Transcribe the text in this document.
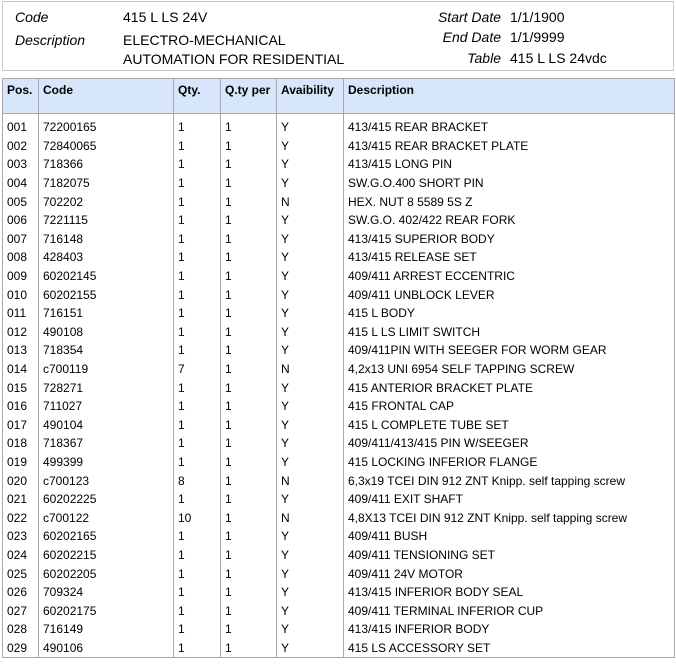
Code	415 L LS 24V
Description	ELECTRO-MECHANICAL
AUTOMATION FOR RESIDENTIAL
Start Date 1/1/1900
End Date 1/1/9999
Table 415 L LS 24vdc
Pos.	Code	Qty.	Q.ty per	Avaibility	Description
001	72200165	1	1	Y	413/415 REAR BRACKET
002	72840065	1	1	Y	413/415 REAR BRACKET PLATE
003	718366	1	1	Y	413/415 LONG PIN
004	7182075	1	1	Y	SW.G.O.400 SHORT PIN
005	702202	1	1	N	HEX. NUT 8 5589 5S Z
006	7221115	1	1	Y	SW.G.O. 402/422 REAR FORK
007	716148	1	1	Y	413/415 SUPERIOR BODY
008	428403	1	1	Y	413/415 RELEASE SET
009	60202145	1	1	Y	409/411 ARREST ECCENTRIC
010	60202155	1	1	Y	409/411 UNBLOCK LEVER
011	716151	1	1	Y	415 L BODY
012	490108	1	1	Y	415 L LS LIMIT SWITCH
013	718354	1	1	Y	409/411PIN WITH SEEGER FOR WORM GEAR
014	c700119	7	1	N	4,2x13 UNI 6954 SELF TAPPING SCREW
015	728271	1	1	Y	415 ANTERIOR BRACKET PLATE
016	711027	1	1	Y	415 FRONTAL CAP
017	490104	1	1	Y	415 L COMPLETE TUBE SET
018	718367	1	1	Y	409/411/413/415 PIN W/SEEGER
019	499399	1	1	Y	415 LOCKING INFERIOR FLANGE
020	c700123	8	1	N	6,3x19 TCEI DIN 912 ZNT Knipp. self tapping screw
021	60202225	1	1	Y	409/411 EXIT SHAFT
022	c700122	10	1	N	4,8X13 TCEI DIN 912 ZNT Knipp. self tapping screw
023	60202165	1	1	Y	409/411 BUSH
024	60202215	1	1	Y	409/411 TENSIONING SET
025	60202205	1	1	Y	409/411 24V MOTOR
026	709324	1	1	Y	413/415 INFERIOR BODY SEAL
027	60202175	1	1	Y	409/411 TERMINAL INFERIOR CUP
028	716149	1	1	Y	413/415 INFERIOR BODY
029	490106	1	1	Y	415 LS ACCESSORY SET
